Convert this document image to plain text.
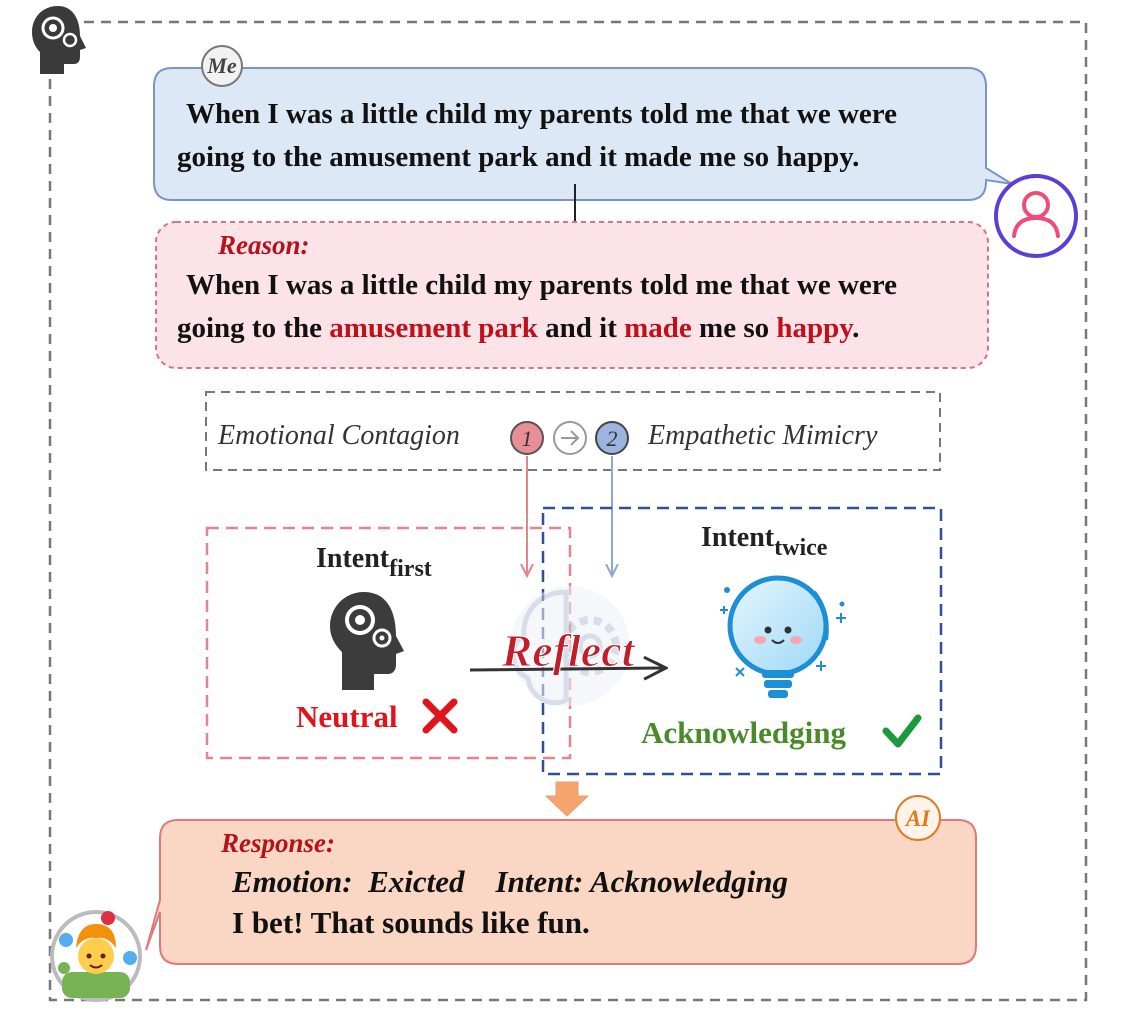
When I was a little child my parents told me that we were
going to the amusement park and it made me so happy.
Me
Reason:
When I was a little child my parents told me that we were
going to the amusement park and it made me so happy.
Emotional Contagion	1	2 Empathetic Mimicry
Intentfirst
Neutral
Intenttwice
Acknowledging
Reflect
Response:
Emotion:  Exicted    Intent: Acknowledging
I bet! That sounds like fun.
AI
